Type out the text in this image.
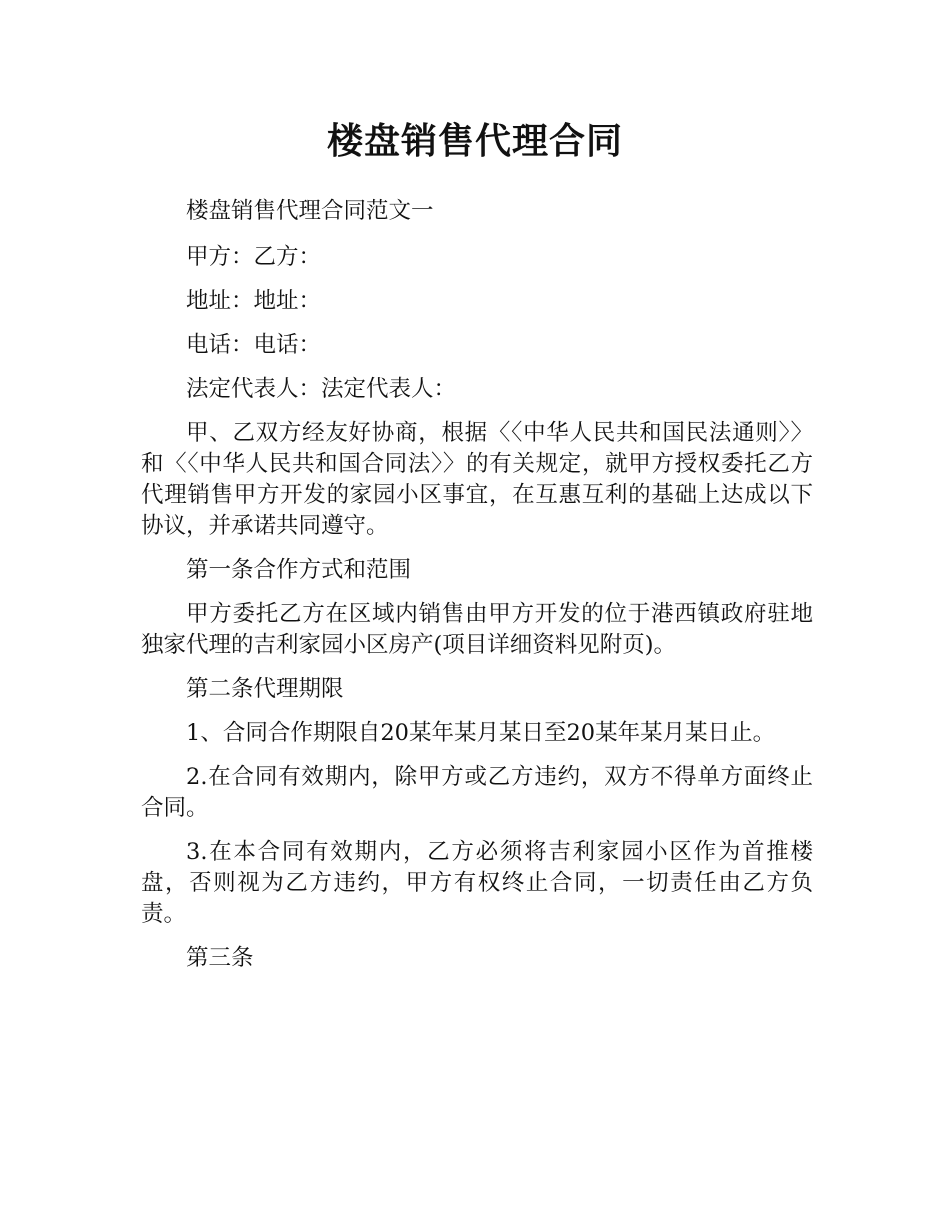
楼盘销售代理合同

楼盘销售代理合同范文一

甲方：乙方：

地址：地址：

电话：电话：

法定代表人：法定代表人：

甲、乙双方经友好协商，根据〈〈中华人民共和国民法通则〉〉和〈〈中华人民共和国合同法〉〉的有关规定，就甲方授权委托乙方代理销售甲方开发的家园小区事宜，在互惠互利的基础上达成以下协议，并承诺共同遵守。

第一条合作方式和范围

甲方委托乙方在区域内销售由甲方开发的位于港西镇政府驻地独家代理的吉利家园小区房产(项目详细资料见附页)。

第二条代理期限

1、合同合作期限自20某年某月某日至20某年某月某日止。

2.在合同有效期内，除甲方或乙方违约，双方不得单方面终止合同。

3.在本合同有效期内，乙方必须将吉利家园小区作为首推楼盘，否则视为乙方违约，甲方有权终止合同，一切责任由乙方负责。

第三条
